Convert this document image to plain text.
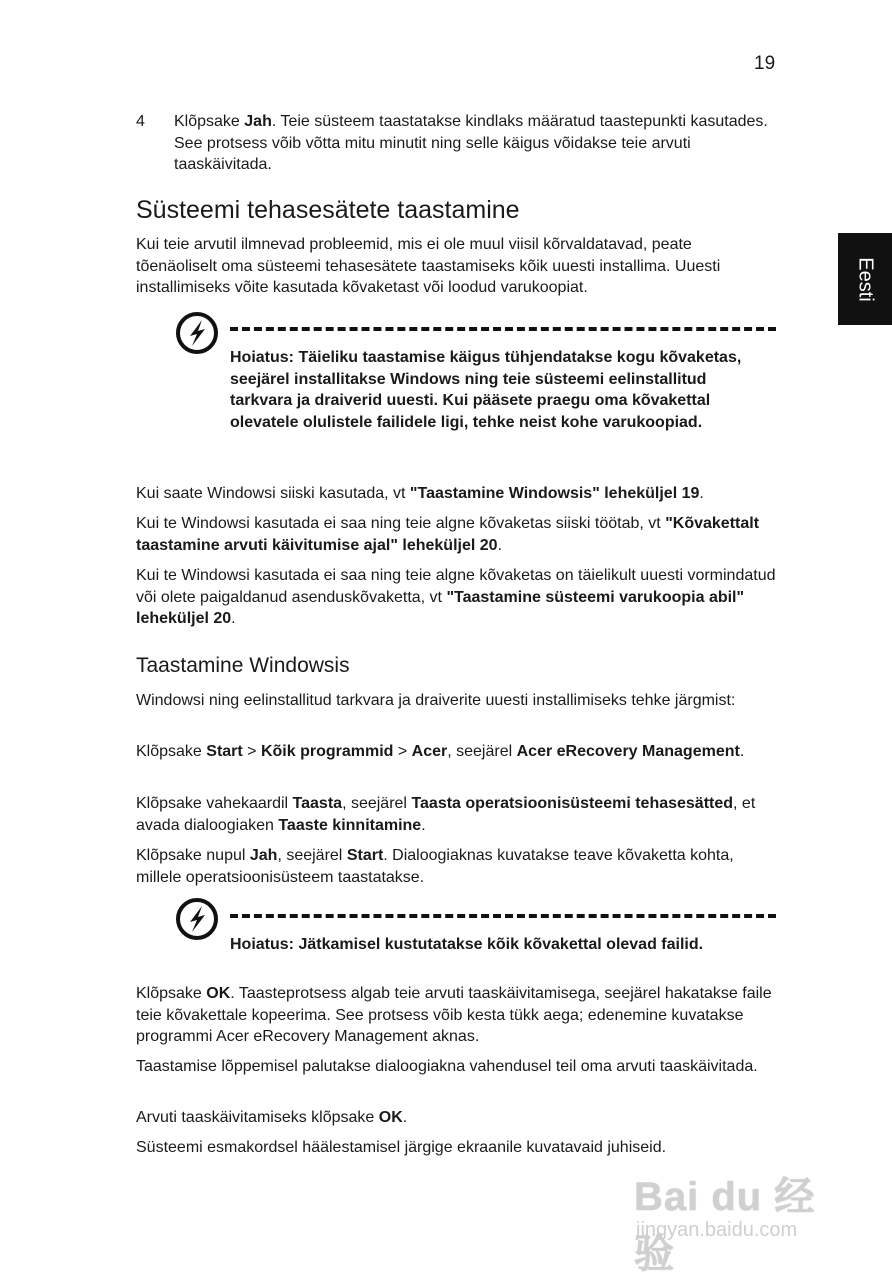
19
Eesti
4 Klõpsake Jah. Teie süsteem taastatakse kindlaks määratud taastepunkti kasutades. See protsess võib võtta mitu minutit ning selle käigus võidakse teie arvuti taaskäivitada.
Süsteemi tehasesätete taastamine

Kui teie arvutil ilmnevad probleemid, mis ei ole muul viisil kõrvaldatavad, peate tõenäoliselt oma süsteemi tehasesätete taastamiseks kõik uuesti installima. Uuesti installimiseks võite kasutada kõvaketast või loodud varukoopiat.

Hoiatus: Täieliku taastamise käigus tühjendatakse kogu kõvaketas, seejärel installitakse Windows ning teie süsteemi eelinstallitud tarkvara ja draiverid uuesti. Kui pääsete praegu oma kõvakettal olevatele olulistele failidele ligi, tehke neist kohe varukoopiad.

Kui saate Windowsi siiski kasutada, vt "Taastamine Windowsis" leheküljel 19.

Kui te Windowsi kasutada ei saa ning teie algne kõvaketas siiski töötab, vt "Kõvakettalt taastamine arvuti käivitumise ajal" leheküljel 20.

Kui te Windowsi kasutada ei saa ning teie algne kõvaketas on täielikult uuesti vormindatud või olete paigaldanud asenduskõvaketta, vt "Taastamine süsteemi varukoopia abil" leheküljel 20.

Taastamine Windowsis

Windowsi ning eelinstallitud tarkvara ja draiverite uuesti installimiseks tehke järgmist:

Klõpsake Start > Kõik programmid > Acer, seejärel Acer eRecovery Management.

Klõpsake vahekaardil Taasta, seejärel Taasta operatsioonisüsteemi tehasesätted, et avada dialoogiaken Taaste kinnitamine.

Klõpsake nupul Jah, seejärel Start. Dialoogiaknas kuvatakse teave kõvaketta kohta, millele operatsioonisüsteem taastatakse.

Hoiatus: Jätkamisel kustutatakse kõik kõvakettal olevad failid.

Klõpsake OK. Taasteprotsess algab teie arvuti taaskäivitamisega, seejärel hakatakse faile teie kõvakettale kopeerima. See protsess võib kesta tükk aega; edenemine kuvatakse programmi Acer eRecovery Management aknas.

Taastamise lõppemisel palutakse dialoogiakna vahendusel teil oma arvuti taaskäivitada.

Arvuti taaskäivitamiseks klõpsake OK.

Süsteemi esmakordsel häälestamisel järgige ekraanile kuvatavaid juhiseid.

Bai du 经验
jingyan.baidu.com
